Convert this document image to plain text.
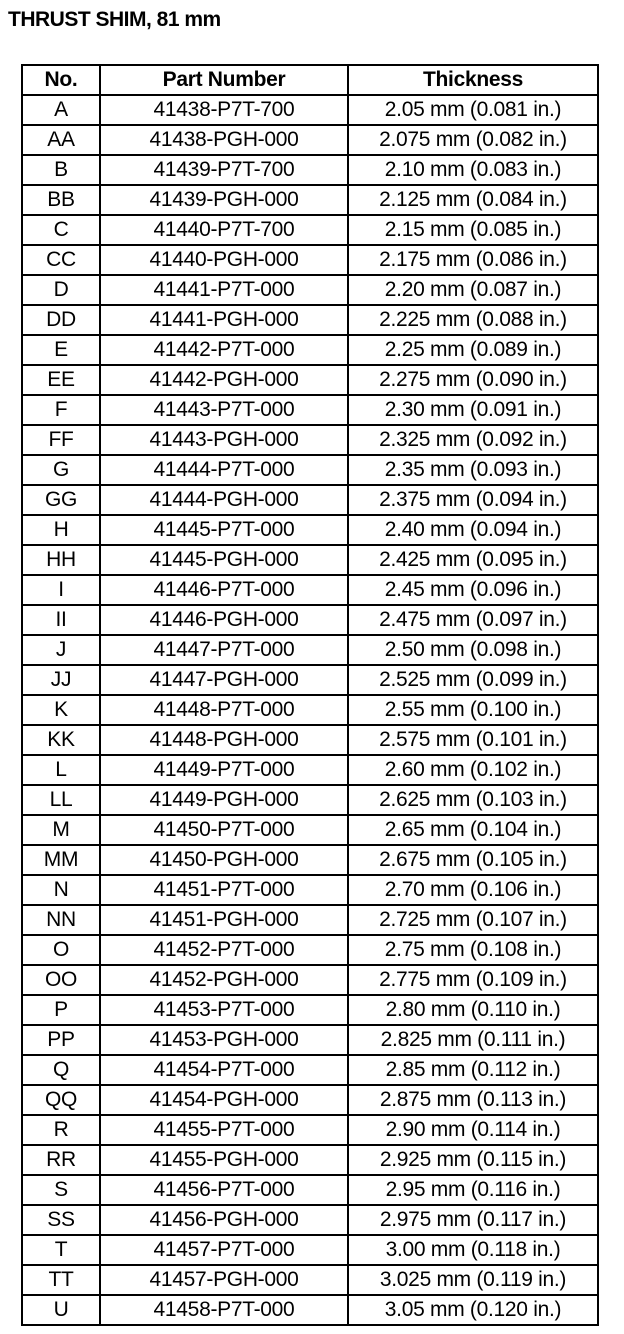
THRUST SHIM, 81 mm
No.	Part Number	Thickness
A	41438-P7T-700	2.05 mm (0.081 in.)
AA	41438-PGH-000	2.075 mm (0.082 in.)
B	41439-P7T-700	2.10 mm (0.083 in.)
BB	41439-PGH-000	2.125 mm (0.084 in.)
C	41440-P7T-700	2.15 mm (0.085 in.)
CC	41440-PGH-000	2.175 mm (0.086 in.)
D	41441-P7T-000	2.20 mm (0.087 in.)
DD	41441-PGH-000	2.225 mm (0.088 in.)
E	41442-P7T-000	2.25 mm (0.089 in.)
EE	41442-PGH-000	2.275 mm (0.090 in.)
F	41443-P7T-000	2.30 mm (0.091 in.)
FF	41443-PGH-000	2.325 mm (0.092 in.)
G	41444-P7T-000	2.35 mm (0.093 in.)
GG	41444-PGH-000	2.375 mm (0.094 in.)
H	41445-P7T-000	2.40 mm (0.094 in.)
HH	41445-PGH-000	2.425 mm (0.095 in.)
I	41446-P7T-000	2.45 mm (0.096 in.)
II	41446-PGH-000	2.475 mm (0.097 in.)
J	41447-P7T-000	2.50 mm (0.098 in.)
JJ	41447-PGH-000	2.525 mm (0.099 in.)
K	41448-P7T-000	2.55 mm (0.100 in.)
KK	41448-PGH-000	2.575 mm (0.101 in.)
L	41449-P7T-000	2.60 mm (0.102 in.)
LL	41449-PGH-000	2.625 mm (0.103 in.)
M	41450-P7T-000	2.65 mm (0.104 in.)
MM	41450-PGH-000	2.675 mm (0.105 in.)
N	41451-P7T-000	2.70 mm (0.106 in.)
NN	41451-PGH-000	2.725 mm (0.107 in.)
O	41452-P7T-000	2.75 mm (0.108 in.)
OO	41452-PGH-000	2.775 mm (0.109 in.)
P	41453-P7T-000	2.80 mm (0.110 in.)
PP	41453-PGH-000	2.825 mm (0.111 in.)
Q	41454-P7T-000	2.85 mm (0.112 in.)
QQ	41454-PGH-000	2.875 mm (0.113 in.)
R	41455-P7T-000	2.90 mm (0.114 in.)
RR	41455-PGH-000	2.925 mm (0.115 in.)
S	41456-P7T-000	2.95 mm (0.116 in.)
SS	41456-PGH-000	2.975 mm (0.117 in.)
T	41457-P7T-000	3.00 mm (0.118 in.)
TT	41457-PGH-000	3.025 mm (0.119 in.)
U	41458-P7T-000	3.05 mm (0.120 in.)
